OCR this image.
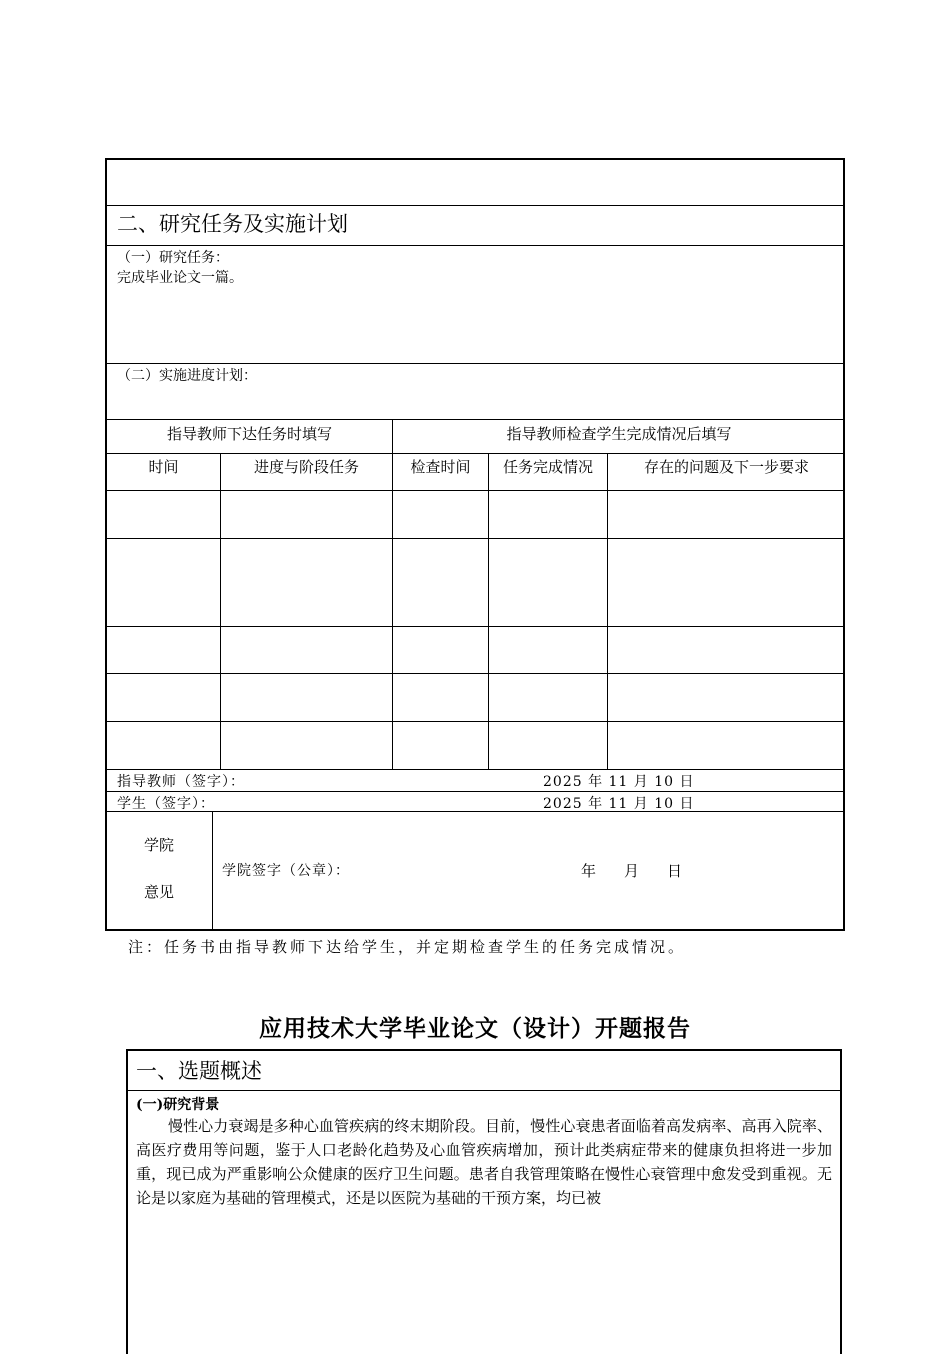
二、研究任务及实施计划
（一）研究任务：
完成毕业论文一篇。
（二）实施进度计划：
指导教师下达任务时填写	指导教师检查学生完成情况后填写
时间	进度与阶段任务	检查时间	任务完成情况	存在的问题及下一步要求
指导教师（签字）：	2025 年 11 月 10 日
学生（签字）：	2025 年 11 月 10 日
学院
意见
学院签字（公章）：	年 月 日
注：任务书由指导教师下达给学生，并定期检查学生的任务完成情况。
应用技术大学毕业论文（设计）开题报告
一、选题概述
(一)研究背景
慢性心力衰竭是多种心血管疾病的终末期阶段。目前，慢性心衰患者面临着高发病率、高再入院率、高医疗费用等问题，鉴于人口老龄化趋势及心血管疾病增加，预计此类病症带来的健康负担将进一步加重，现已成为严重影响公众健康的医疗卫生问题。患者自我管理策略在慢性心衰管理中愈发受到重视。无论是以家庭为基础的管理模式，还是以医院为基础的干预方案，均已被
